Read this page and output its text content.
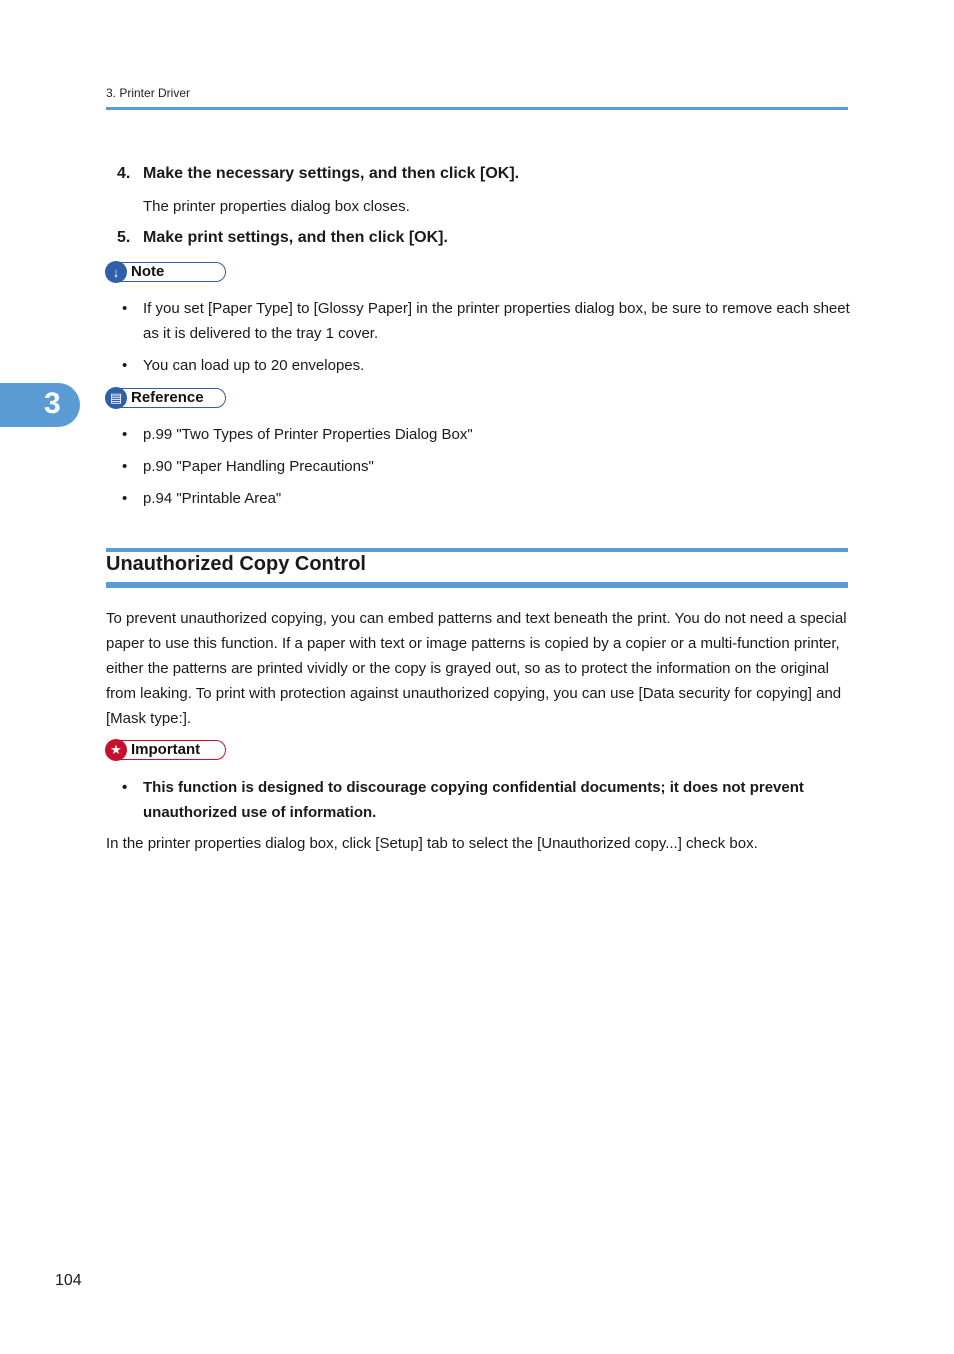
3. Printer Driver
4. Make the necessary settings, and then click [OK].
The printer properties dialog box closes.
5. Make print settings, and then click [OK].
↓ Note
• If you set [Paper Type] to [Glossy Paper] in the printer properties dialog box, be sure to remove each sheet as it is delivered to the tray 1 cover.
• You can load up to 20 envelopes.
▤ Reference
• p.99 "Two Types of Printer Properties Dialog Box"
• p.90 "Paper Handling Precautions"
• p.94 "Printable Area"
Unauthorized Copy Control
To prevent unauthorized copying, you can embed patterns and text beneath the print. You do not need a special paper to use this function. If a paper with text or image patterns is copied by a copier or a multi-function printer, either the patterns are printed vividly or the copy is grayed out, so as to protect the information on the original from leaking. To print with protection against unauthorized copying, you can use [Data security for copying] and [Mask type:].
★ Important
• This function is designed to discourage copying confidential documents; it does not prevent unauthorized use of information.
In the printer properties dialog box, click [Setup] tab to select the [Unauthorized copy...] check box.
3
104
